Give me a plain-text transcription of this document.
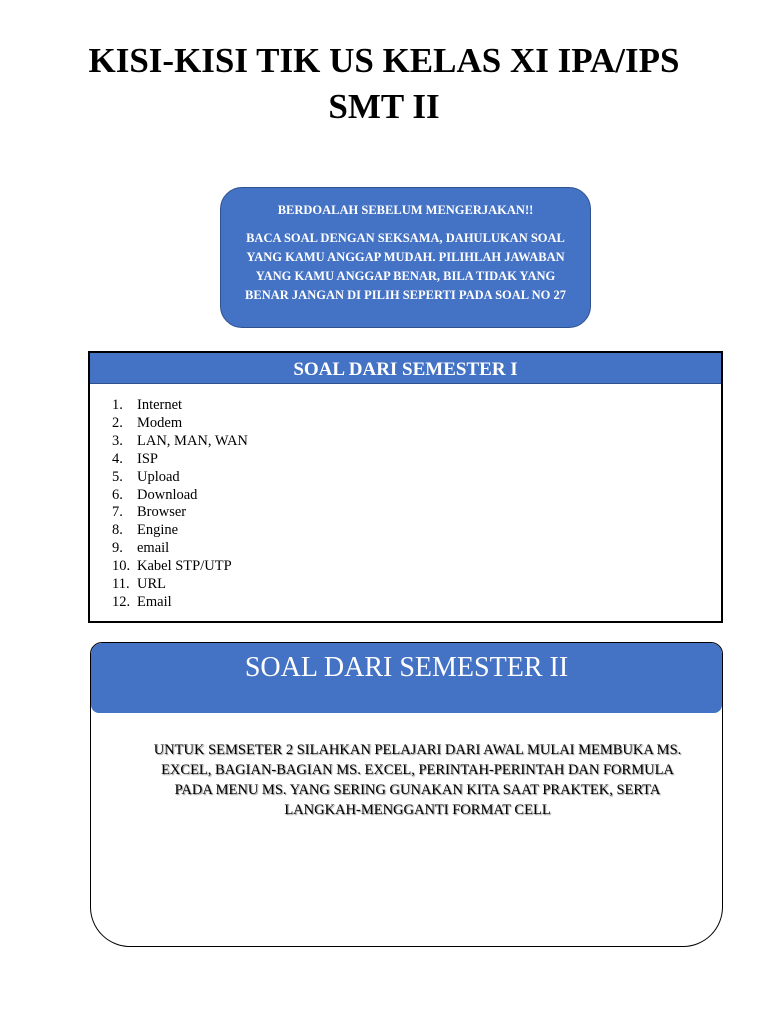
KISI-KISI TIK US KELAS XI IPA/IPS
SMT II
BERDOALAH SEBELUM MENGERJAKAN!!
BACA SOAL DENGAN SEKSAMA, DAHULUKAN SOAL YANG KAMU ANGGAP MUDAH. PILIHLAH JAWABAN YANG KAMU ANGGAP BENAR, BILA TIDAK YANG BENAR JANGAN DI PILIH SEPERTI PADA SOAL NO 27
SOAL DARI SEMESTER I
1. Internet
2. Modem
3. LAN, MAN, WAN
4. ISP
5. Upload
6. Download
7. Browser
8. Engine
9. email
10. Kabel STP/UTP
11. URL
12. Email
SOAL DARI SEMESTER II
UNTUK SEMSETER 2 SILAHKAN PELAJARI DARI AWAL MULAI MEMBUKA MS. EXCEL, BAGIAN-BAGIAN MS. EXCEL, PERINTAH-PERINTAH DAN FORMULA PADA MENU MS. YANG SERING GUNAKAN KITA SAAT PRAKTEK, SERTA LANGKAH-MENGGANTI FORMAT CELL
